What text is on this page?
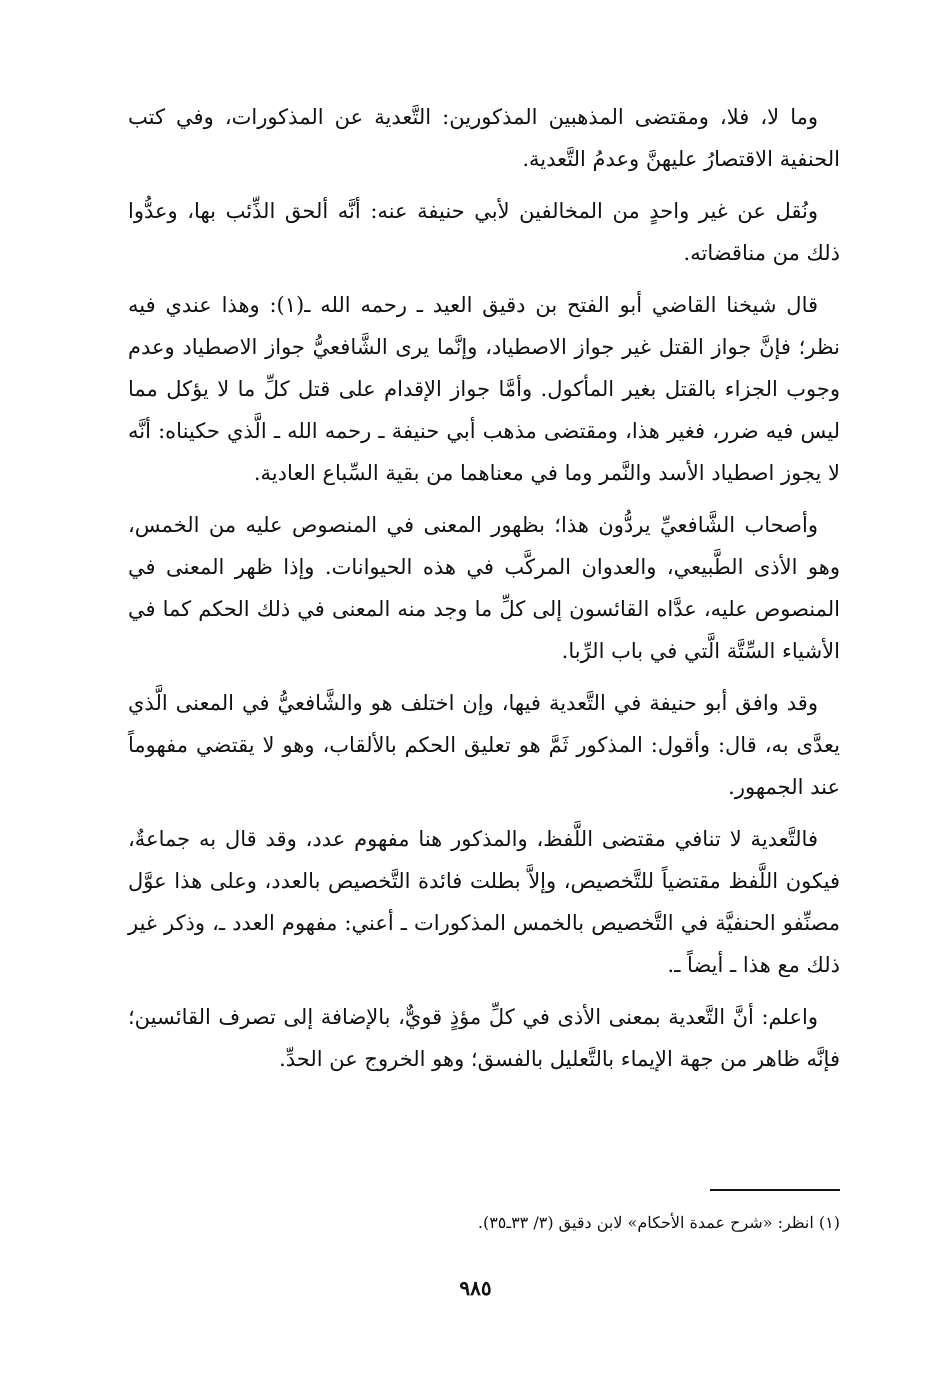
وما لا، فلا، ومقتضى المذهبين المذكورين: التَّعدية عن المذكورات، وفي كتب الحنفية الاقتصارُ عليهنَّ وعدمُ التَّعدية.

ونُقل عن غير واحدٍ من المخالفين لأبي حنيفة عنه: أنَّه ألحق الذِّئب بها، وعدُّوا ذلك من مناقضاته.

قال شيخنا القاضي أبو الفتح بن دقيق العيد ـ رحمه الله ـ(١): وهذا عندي فيه نظر؛ فإنَّ جواز القتل غير جواز الاصطياد، وإنَّما يرى الشَّافعيُّ جواز الاصطياد وعدم وجوب الجزاء بالقتل بغير المأكول. وأمَّا جواز الإقدام على قتل كلِّ ما لا يؤكل مما ليس فيه ضرر، فغير هذا، ومقتضى مذهب أبي حنيفة ـ رحمه الله ـ الَّذي حكيناه: أنَّه لا يجوز اصطياد الأسد والنَّمر وما في معناهما من بقية السِّباع العادية.

وأصحاب الشَّافعيِّ يردُّون هذا؛ بظهور المعنى في المنصوص عليه من الخمس، وهو الأذى الطَّبيعي، والعدوان المركَّب في هذه الحيوانات. وإذا ظهر المعنى في المنصوص عليه، عدَّاه القائسون إلى كلِّ ما وجد منه المعنى في ذلك الحكم كما في الأشياء السِّتَّة الَّتي في باب الرِّبا.

وقد وافق أبو حنيفة في التَّعدية فيها، وإن اختلف هو والشَّافعيُّ في المعنى الَّذي يعدَّى به، قال: وأقول: المذكور ثَمَّ هو تعليق الحكم بالألقاب، وهو لا يقتضي مفهوماً عند الجمهور.

فالتَّعدية لا تنافي مقتضى اللَّفظ، والمذكور هنا مفهوم عدد، وقد قال به جماعةٌ، فيكون اللَّفظ مقتضياً للتَّخصيص، وإلاَّ بطلت فائدة التَّخصيص بالعدد، وعلى هذا عوَّل مصنِّفو الحنفيَّة في التَّخصيص بالخمس المذكورات ـ أعني: مفهوم العدد ـ، وذكر غير ذلك مع هذا ـ أيضاً ـ.

واعلم: أنَّ التَّعدية بمعنى الأذى في كلِّ مؤذٍ قويٌّ، بالإضافة إلى تصرف القائسين؛ فإنَّه ظاهر من جهة الإيماء بالتَّعليل بالفسق؛ وهو الخروج عن الحدِّ.

(١) انظر: «شرح عمدة الأحكام» لابن دقيق (٣/ ٣٣ـ٣٥).
٩٨٥
